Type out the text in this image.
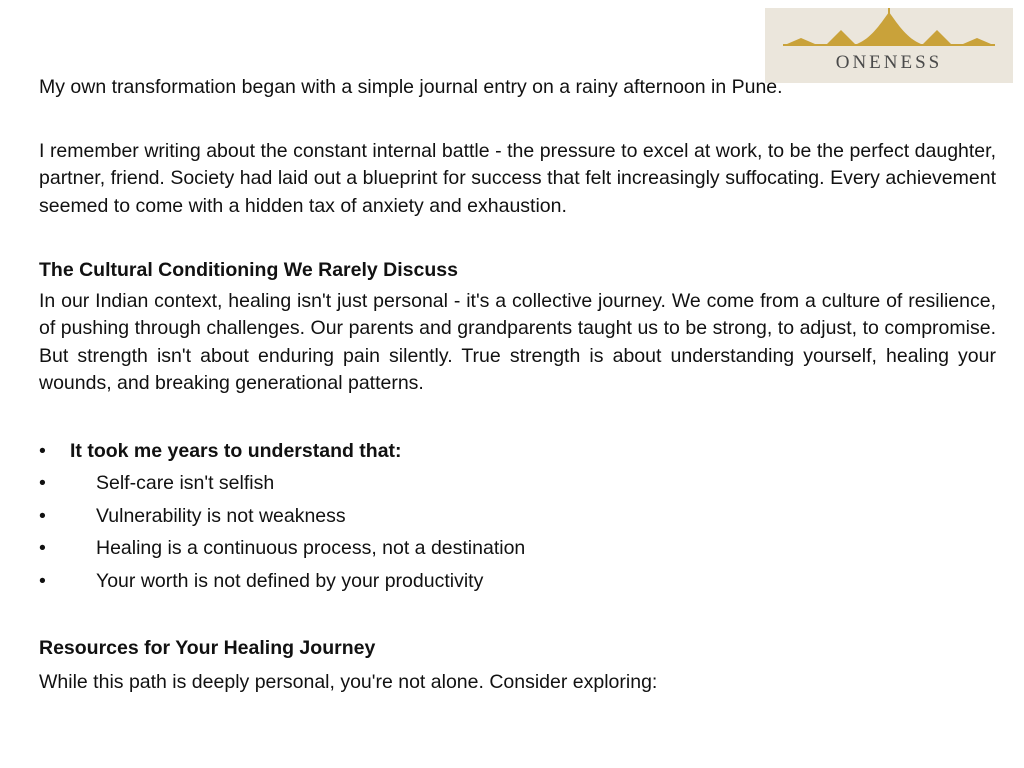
ONENESS

My own transformation began with a simple journal entry on a rainy afternoon in Pune.

I remember writing about the constant internal battle - the pressure to excel at work, to be the perfect daughter, partner, friend. Society had laid out a blueprint for success that felt increasingly suffocating. Every achievement seemed to come with a hidden tax of anxiety and exhaustion.

The Cultural Conditioning We Rarely Discuss

In our Indian context, healing isn't just personal - it's a collective journey. We come from a culture of resilience, of pushing through challenges. Our parents and grandparents taught us to be strong, to adjust, to compromise. But strength isn't about enduring pain silently. True strength is about understanding yourself, healing your wounds, and breaking generational patterns.

•	It took me years to understand that:
•	Self-care isn't selfish
•	Vulnerability is not weakness
•	Healing is a continuous process, not a destination
•	Your worth is not defined by your productivity

Resources for Your Healing Journey

While this path is deeply personal, you're not alone. Consider exploring:
